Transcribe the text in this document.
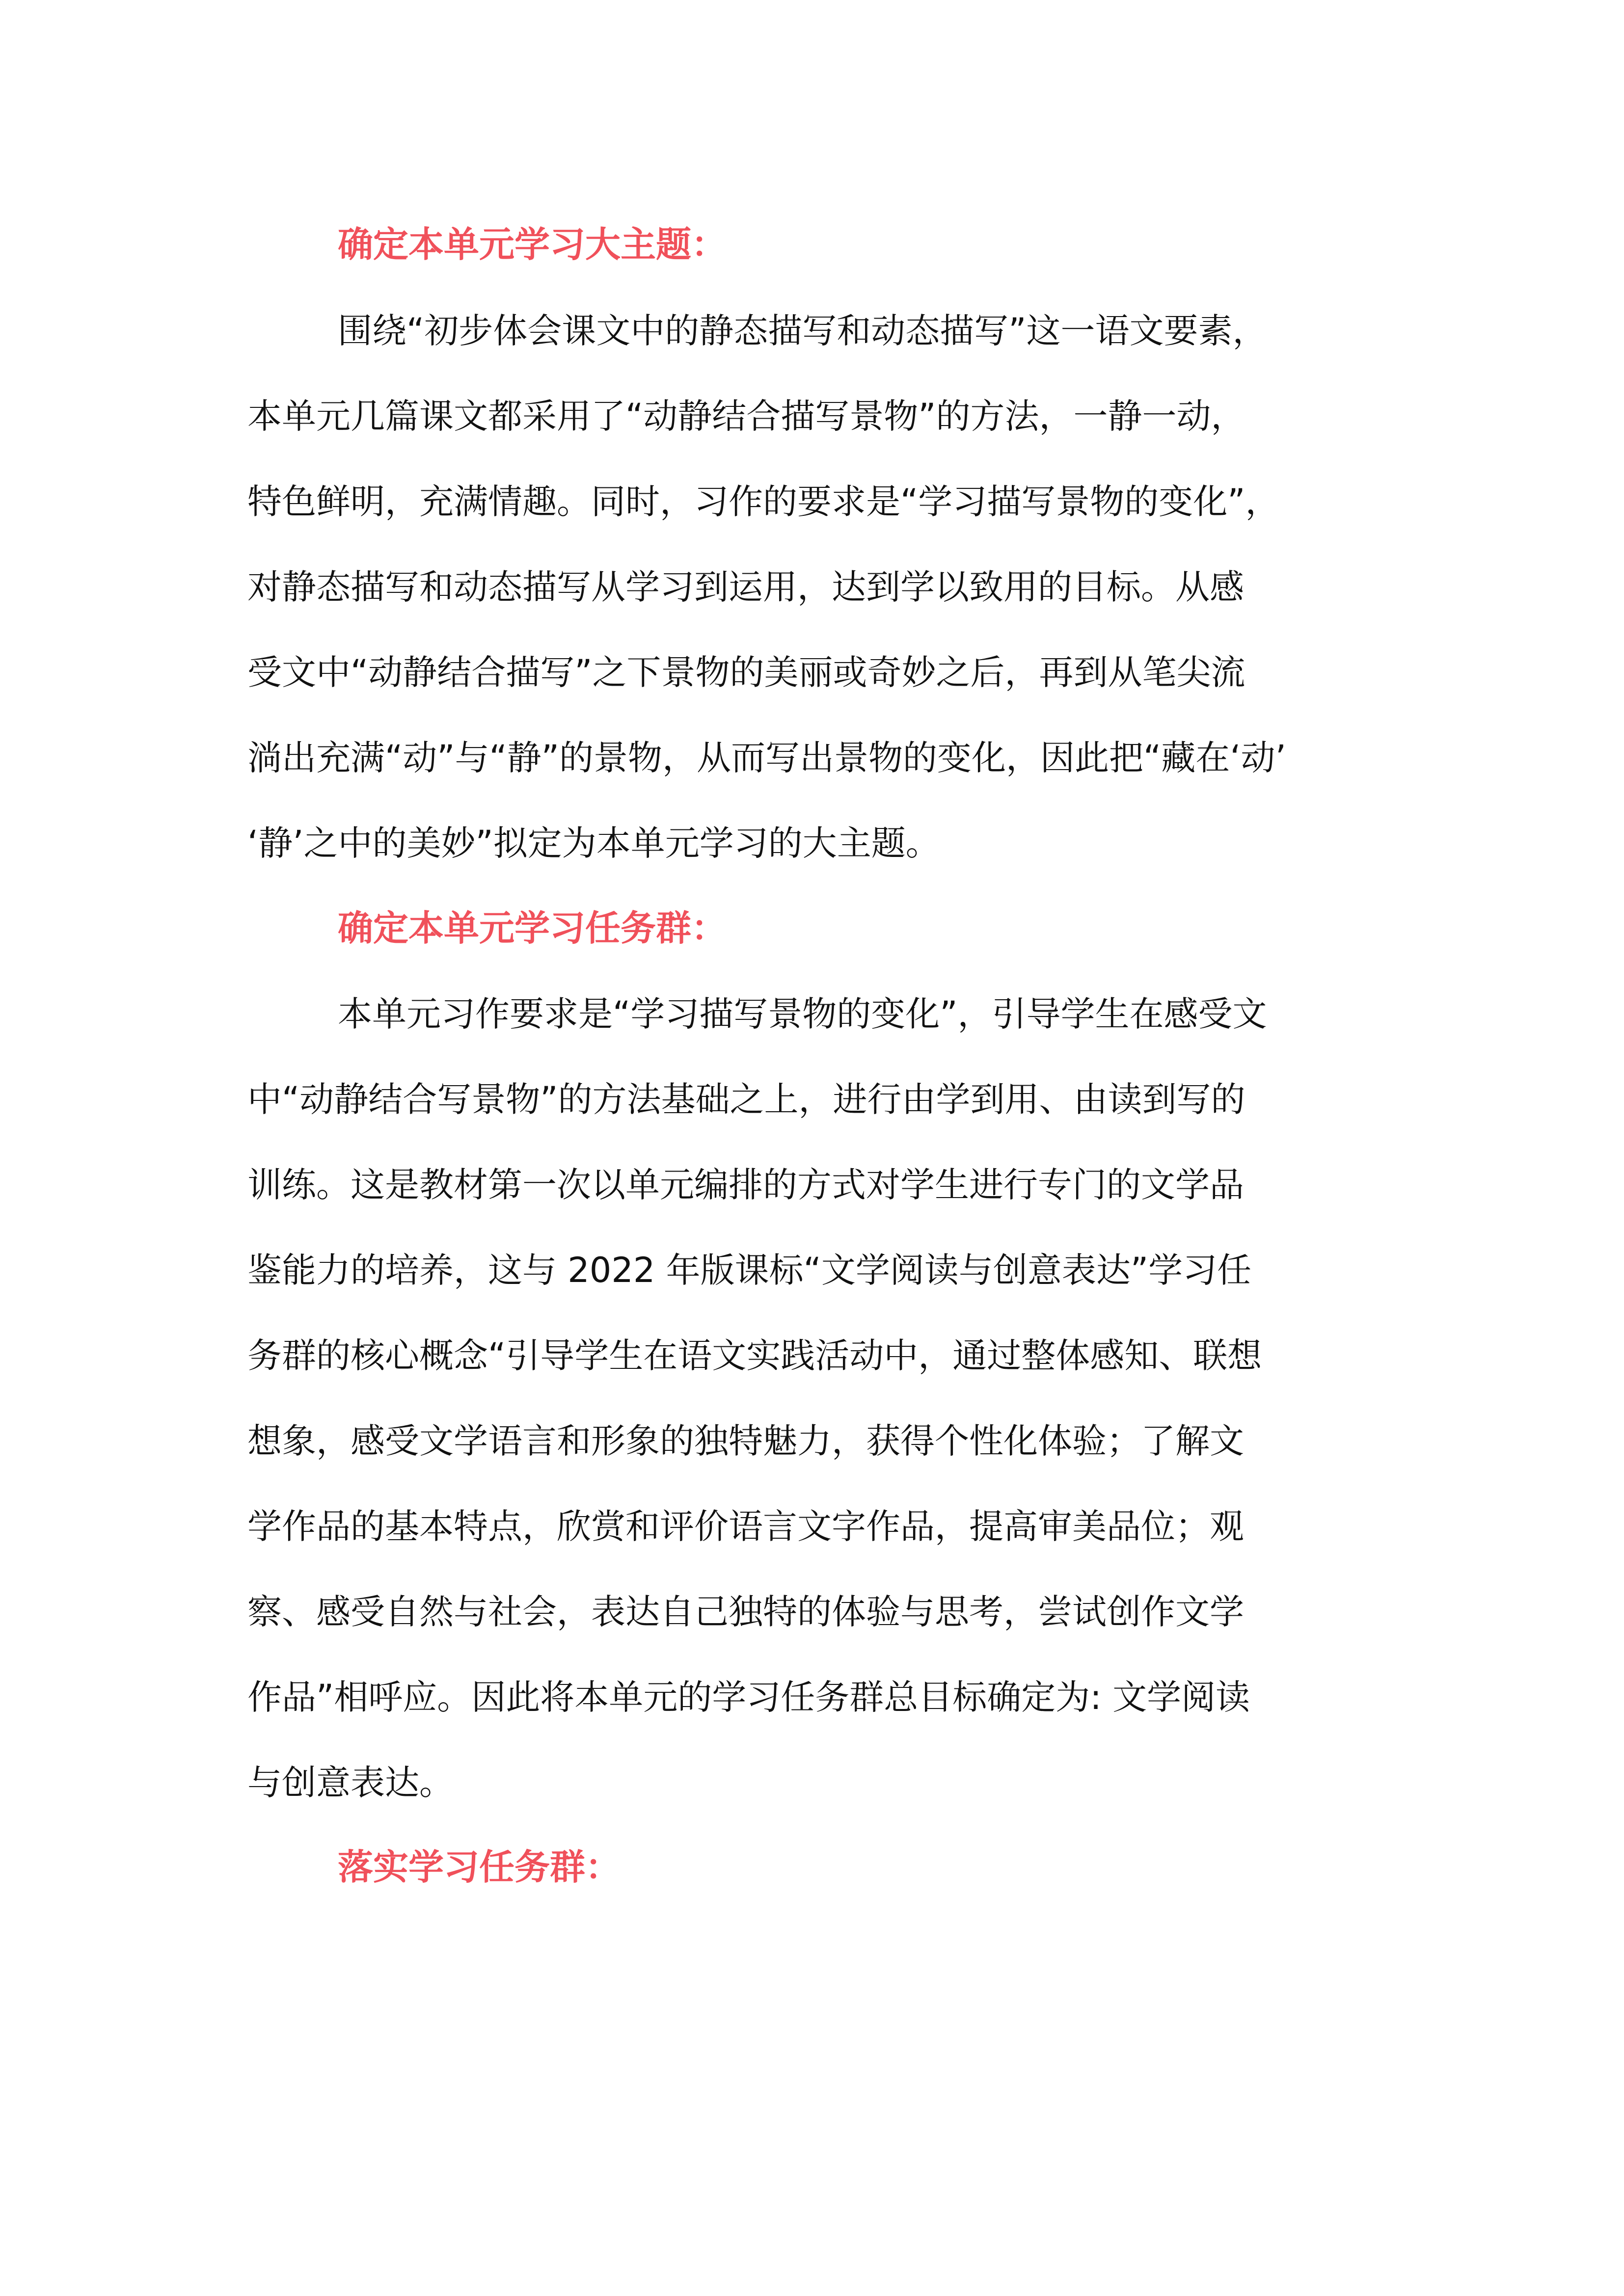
确定本单元学习大主题：

围绕“初步体会课文中的静态描写和动态描写”这一语文要素，

本单元几篇课文都采用了“动静结合描写景物”的方法，一静一动，

特色鲜明，充满情趣。同时，习作的要求是“学习描写景物的变化”，

对静态描写和动态描写从学习到运用，达到学以致用的目标。从感

受文中“动静结合描写”之下景物的美丽或奇妙之后，再到从笔尖流

淌出充满“动”与“静”的景物，从而写出景物的变化，因此把“藏在‘动’

‘静’之中的美妙”拟定为本单元学习的大主题。

确定本单元学习任务群：

本单元习作要求是“学习描写景物的变化”，引导学生在感受文

中“动静结合写景物”的方法基础之上，进行由学到用、由读到写的

训练。这是教材第一次以单元编排的方式对学生进行专门的文学品

鉴能力的培养，这与 2022 年版课标“文学阅读与创意表达”学习任

务群的核心概念“引导学生在语文实践活动中，通过整体感知、联想

想象，感受文学语言和形象的独特魅力，获得个性化体验；了解文

学作品的基本特点，欣赏和评价语言文字作品，提高审美品位；观

察、感受自然与社会，表达自己独特的体验与思考，尝试创作文学

作品”相呼应。因此将本单元的学习任务群总目标确定为: 文学阅读

与创意表达。

落实学习任务群：
